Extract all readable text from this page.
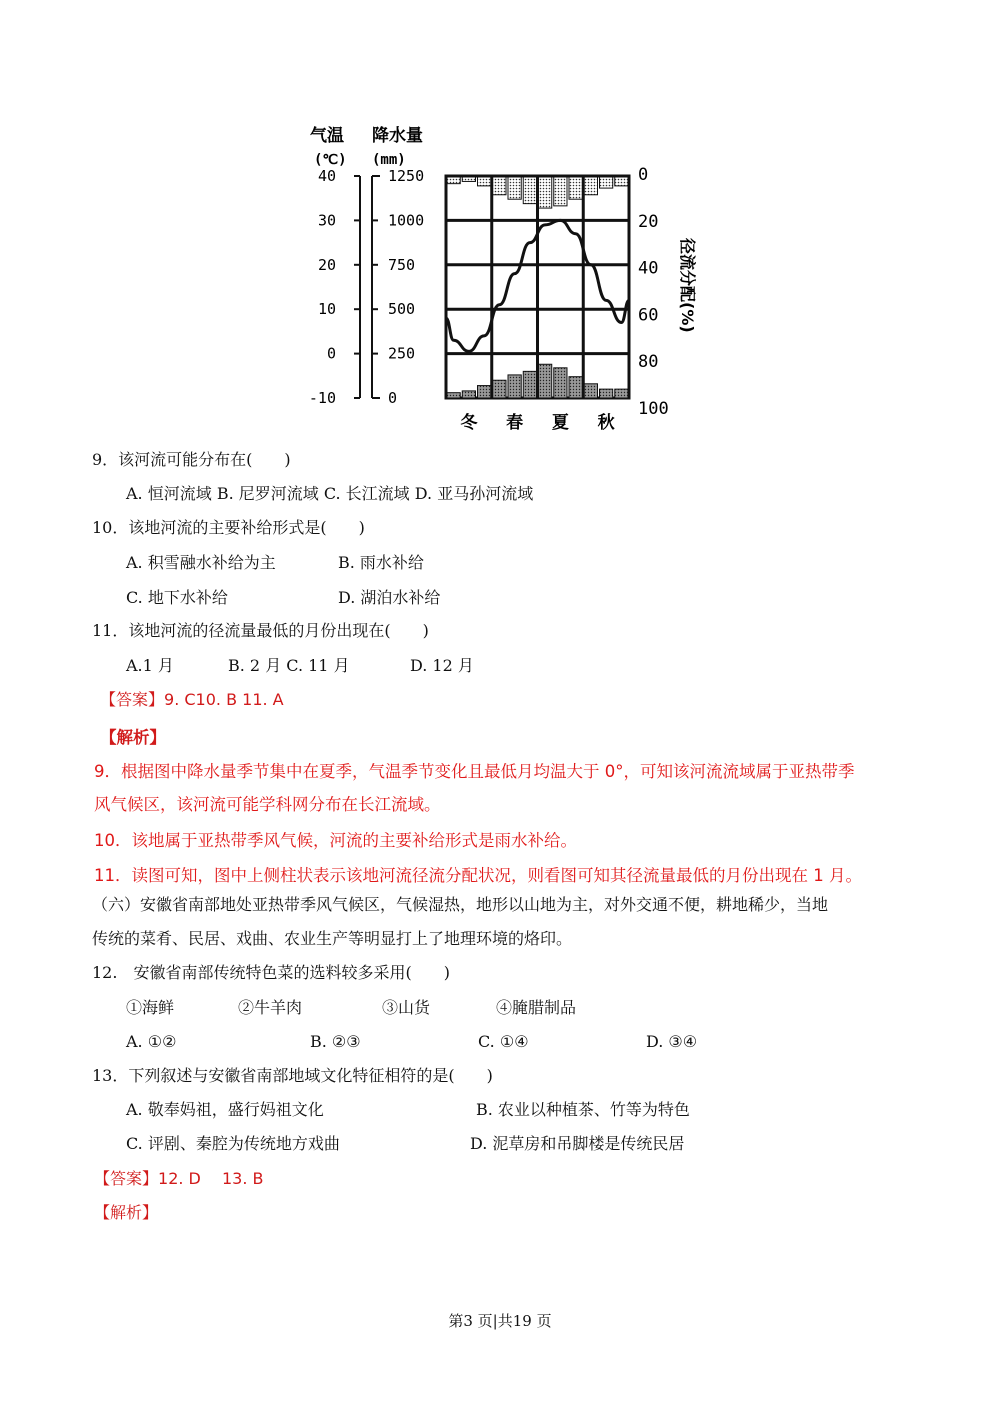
气温 降水量
(℃) (mm)
40
30
20
10
0
-10
1250
1000
750
500
250
0
0
20
40
60
80
100
径流分配(%)
冬 春 夏 秋
9．该河流可能分布在(　　)
A. 恒河流域 B. 尼罗河流域 C. 长江流域 D. 亚马孙河流域
10．该地河流的主要补给形式是(　　)
A. 积雪融水补给为主	B. 雨水补给
C. 地下水补给	D. 湖泊水补给
11．该地河流的径流量最低的月份出现在(　　)
A.1 月	B. 2 月 C. 11 月	D. 12 月
【答案】9. C10. B 11. A
【解析】
9．根据图中降水量季节集中在夏季，气温季节变化且最低月均温大于 0°，可知该河流流域属于亚热带季
风气候区，该河流可能学科网分布在长江流域。
10．该地属于亚热带季风气候，河流的主要补给形式是雨水补给。
11．读图可知，图中上侧柱状表示该地河流径流分配状况，则看图可知其径流量最低的月份出现在 1 月。
（六）安徽省南部地处亚热带季风气候区，气候湿热，地形以山地为主，对外交通不便，耕地稀少，当地
传统的菜肴、民居、戏曲、农业生产等明显打上了地理环境的烙印。
12.　安徽省南部传统特色菜的选料较多采用(　　)
①海鲜	②牛羊肉	③山货	④腌腊制品
A. ①②	B. ②③	C. ①④	D. ③④
13．下列叙述与安徽省南部地域文化特征相符的是(　　)
A. 敬奉妈祖，盛行妈祖文化	B. 农业以种植茶、竹等为特色
C. 评剧、秦腔为传统地方戏曲	D. 泥草房和吊脚楼是传统民居
【答案】12. D　 13. B
【解析】
第3 页|共19 页
